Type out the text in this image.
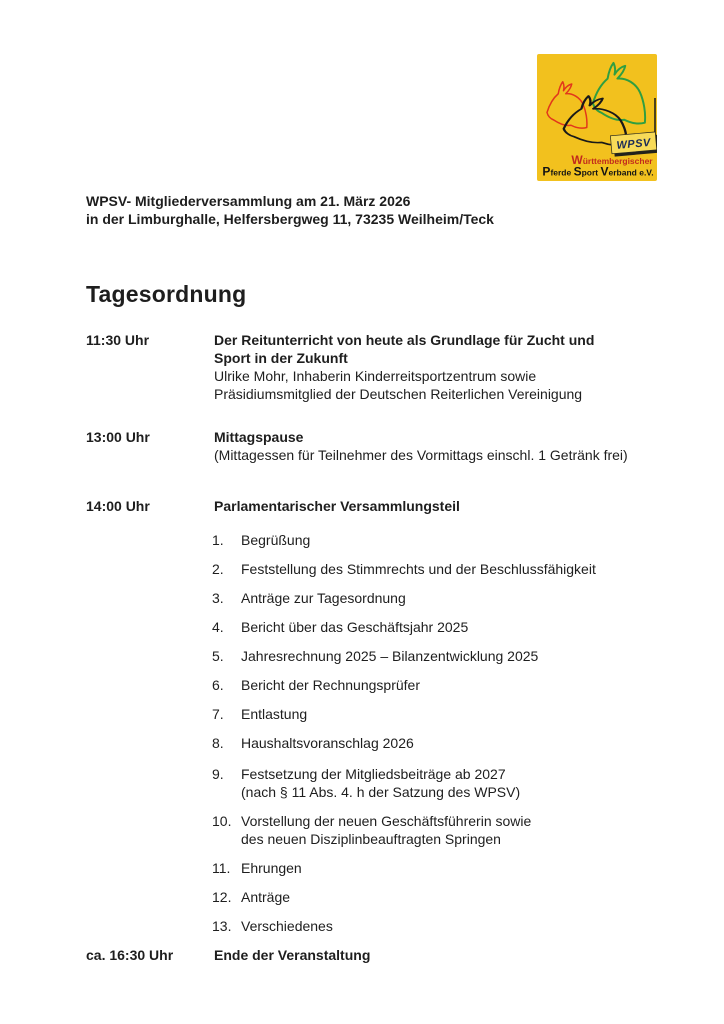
WPSV
Württembergischer
Pferde Sport Verband e.V.
WPSV- Mitgliederversammlung am 21. März 2026
in der Limburghalle, Helfersbergweg 11, 73235 Weilheim/Teck
Tagesordnung
11:30 Uhr	Der Reitunterricht von heute als Grundlage für Zucht und
Sport in der Zukunft
Ulrike Mohr, Inhaberin Kinderreitsportzentrum sowie
Präsidiumsmitglied der Deutschen Reiterlichen Vereinigung
13:00 Uhr	Mittagspause
(Mittagessen für Teilnehmer des Vormittags einschl. 1 Getränk frei)
14:00 Uhr	Parlamentarischer Versammlungsteil
1.	Begrüßung
2.	Feststellung des Stimmrechts und der Beschlussfähigkeit
3.	Anträge zur Tagesordnung
4.	Bericht über das Geschäftsjahr 2025
5.	Jahresrechnung 2025 – Bilanzentwicklung 2025
6.	Bericht der Rechnungsprüfer
7.	Entlastung
8.	Haushaltsvoranschlag 2026
9.	Festsetzung der Mitgliedsbeiträge ab 2027
(nach § 11 Abs. 4. h der Satzung des WPSV)
10. Vorstellung der neuen Geschäftsführerin sowie
des neuen Disziplinbeauftragten Springen
11. Ehrungen
12. Anträge
13. Verschiedenes
ca. 16:30 Uhr	Ende der Veranstaltung
